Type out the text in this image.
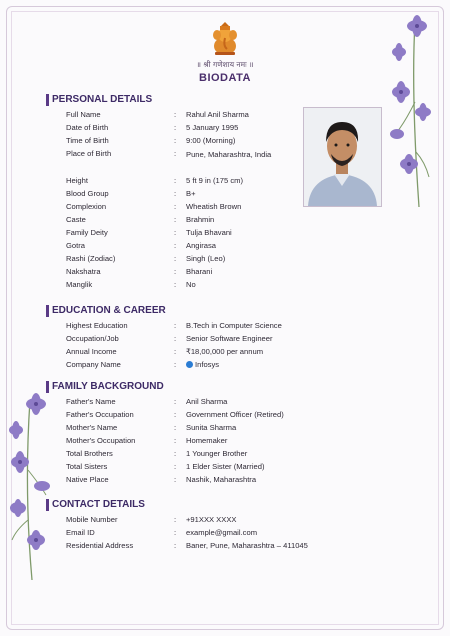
॥ श्री गणेशाय नमः ॥
BIODATA
PERSONAL DETAILS
EDUCATION & CAREER
FAMILY BACKGROUND
CONTACT DETAILS
Full Name	:	Rahul Anil Sharma
Date of Birth	:	5 January 1995
Time of Birth	:	9:00 (Morning)
Place of Birth	:	Pune, Maharashtra, India
Height	:	5 ft 9 in (175 cm)
Blood Group	:	B+
Complexion	:	Wheatish Brown
Caste	:	Brahmin
Family Deity	:	Tulja Bhavani
Gotra	:	Angirasa
Rashi (Zodiac)	:	Singh (Leo)
Nakshatra	:	Bharani
Manglik	:	No
Highest Education	:	B.Tech in Computer Science
Occupation/Job	:	Senior Software Engineer
Annual Income	:	₹18,00,000 per annum
Company Name	:	Infosys
Father's Name	:	Anil Sharma
Father's Occupation	:	Government Officer (Retired)
Mother's Name	:	Sunita Sharma
Mother's Occupation	:	Homemaker
Total Brothers	:	1 Younger Brother
Total Sisters	:	1 Elder Sister (Married)
Native Place	:	Nashik, Maharashtra
Mobile Number	:	+91XXX XXXX
Email ID	:	example@gmail.com
Residential Address	:	Baner, Pune, Maharashtra – 411045
